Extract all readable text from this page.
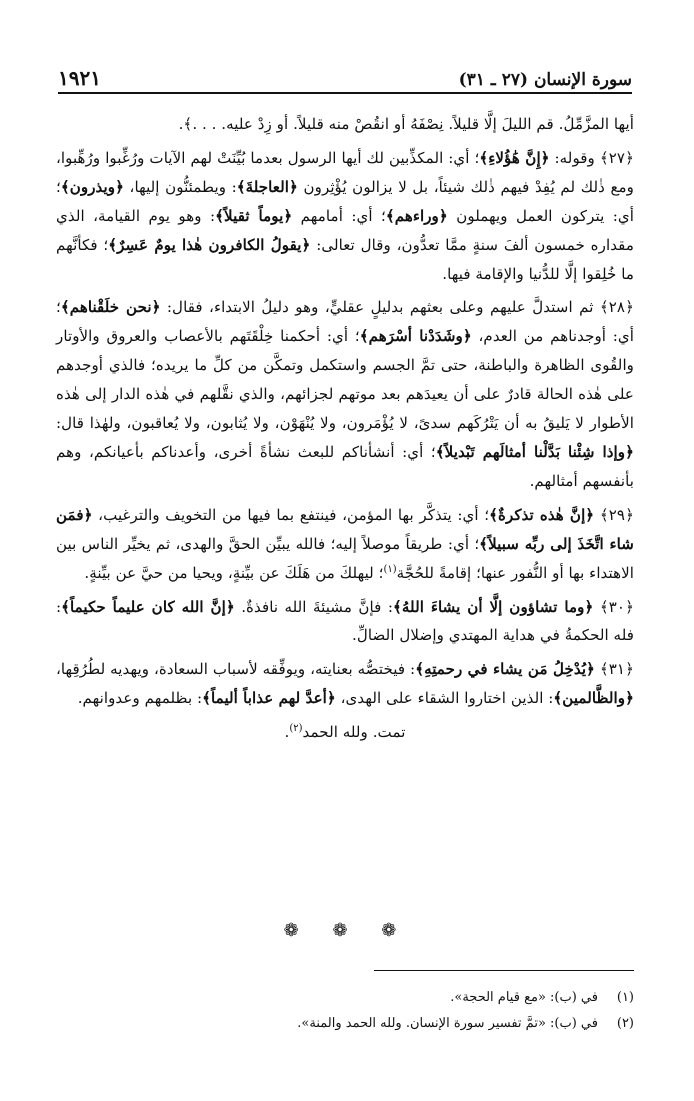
سورة الإنسان (٢٧ ـ ٣١)
١٩٢١

أيها المزَّمِّلُ. قم الليلَ إلَّا قليلاً. نِصْفَهُ أو انقُصْ منه قليلاً. أو زِدْ عليه. . . .﴾.

﴿٢٧﴾ وقوله: ﴿إِنَّ هَٰؤُلاءِ﴾؛ أي: المكذِّبين لك أيها الرسول بعدما بُيِّنَتْ لهم الآيات ورُغِّبوا ورُهِّبوا، ومع ذٰلك لم يُفِدْ فيهم ذٰلك شيئاً، بل لا يزالون يُؤْثِرون ﴿العاجلةَ﴾: ويطمئنُّون إليها، ﴿ويذرون﴾؛ أي: يتركون العمل ويهملون ﴿وراءهم﴾؛ أي: أمامهم ﴿يوماً ثقيلاً﴾: وهو يوم القيامة، الذي مقداره خمسون ألفَ سنةٍ ممَّا تعدُّون، وقال تعالى: ﴿يقولُ الكافرون هٰذا يومٌ عَسِرٌ﴾؛ فكأنَّهم ما خُلِقوا إلَّا للدُّنيا والإقامة فيها.

﴿٢٨﴾ ثم استدلَّ عليهم وعلى بعثهم بدليلٍ عقليٍّ، وهو دليلُ الابتداء، فقال: ﴿نحن خلَقْناهم﴾؛ أي: أوجدناهم من العدم، ﴿وشَدَدْنا أسْرَهم﴾؛ أي: أحكمنا خِلْقَتَهم بالأعصاب والعروق والأوتار والقُوى الظاهرة والباطنة، حتى تمَّ الجسم واستكمل وتمكَّن من كلِّ ما يريده؛ فالذي أوجدهم على هٰذه الحالة قادرٌ على أن يعيدَهم بعد موتهم لجزائهم، والذي نقَّلهم في هٰذه الدار إلى هٰذه الأطوار لا يَليقُ به أن يَتْرُكَهم سدىً، لا يُؤْمَرون، ولا يُنْهَوْن، ولا يُثابون، ولا يُعاقبون، ولهٰذا قال: ﴿وإذا شِئْنا بَدَّلْنا أمثالَهم تَبْديلاً﴾؛ أي: أنشأناكم للبعث نشأةً أخرى، وأعدناكم بأعيانكم، وهم بأنفسهم أمثالهم.

﴿٢٩﴾ ﴿إنَّ هٰذه تذكرةٌ﴾؛ أي: يتذكَّر بها المؤمن، فينتفع بما فيها من التخويف والترغيب، ﴿فمَن شاء اتَّخَذَ إلى ربِّه سبيلاً﴾؛ أي: طريقاً موصلاً إليه؛ فالله يبيِّن الحقَّ والهدى، ثم يخيِّر الناس بين الاهتداء بها أو النُّفور عنها؛ إقامةً للحُجَّة$^{(١)}$؛ ليهلكَ من هَلَكَ عن بيِّنةٍ، ويحيا من حيَّ عن بيِّنةٍ.

﴿٣٠﴾ ﴿وما تشاؤون إلَّا أن يشاءَ اللهُ﴾: فإنَّ مشيئةَ الله نافذةٌ. ﴿إنَّ الله كان عليماً حكيماً﴾: فله الحكمةُ في هداية المهتدي وإضلال الضالِّ.

﴿٣١﴾ ﴿يُدْخِلُ مَن يشاء في رحمتِهِ﴾: فيختصُّه بعنايته، ويوفِّقه لأسباب السعادة، ويهديه لطُرُقِها، ﴿والظَّالمين﴾: الذين اختاروا الشقاء على الهدى، ﴿أعدَّ لهم عذاباً أليماً﴾: بظلمهم وعدوانهم.

تمت. ولله الحمد$^{(٢)}$.

❁ ❁ ❁
(١)في (ب): «مع قيام الحجة».
(٢)في (ب): «تمَّ تفسير سورة الإنسان. ولله الحمد والمنة».
